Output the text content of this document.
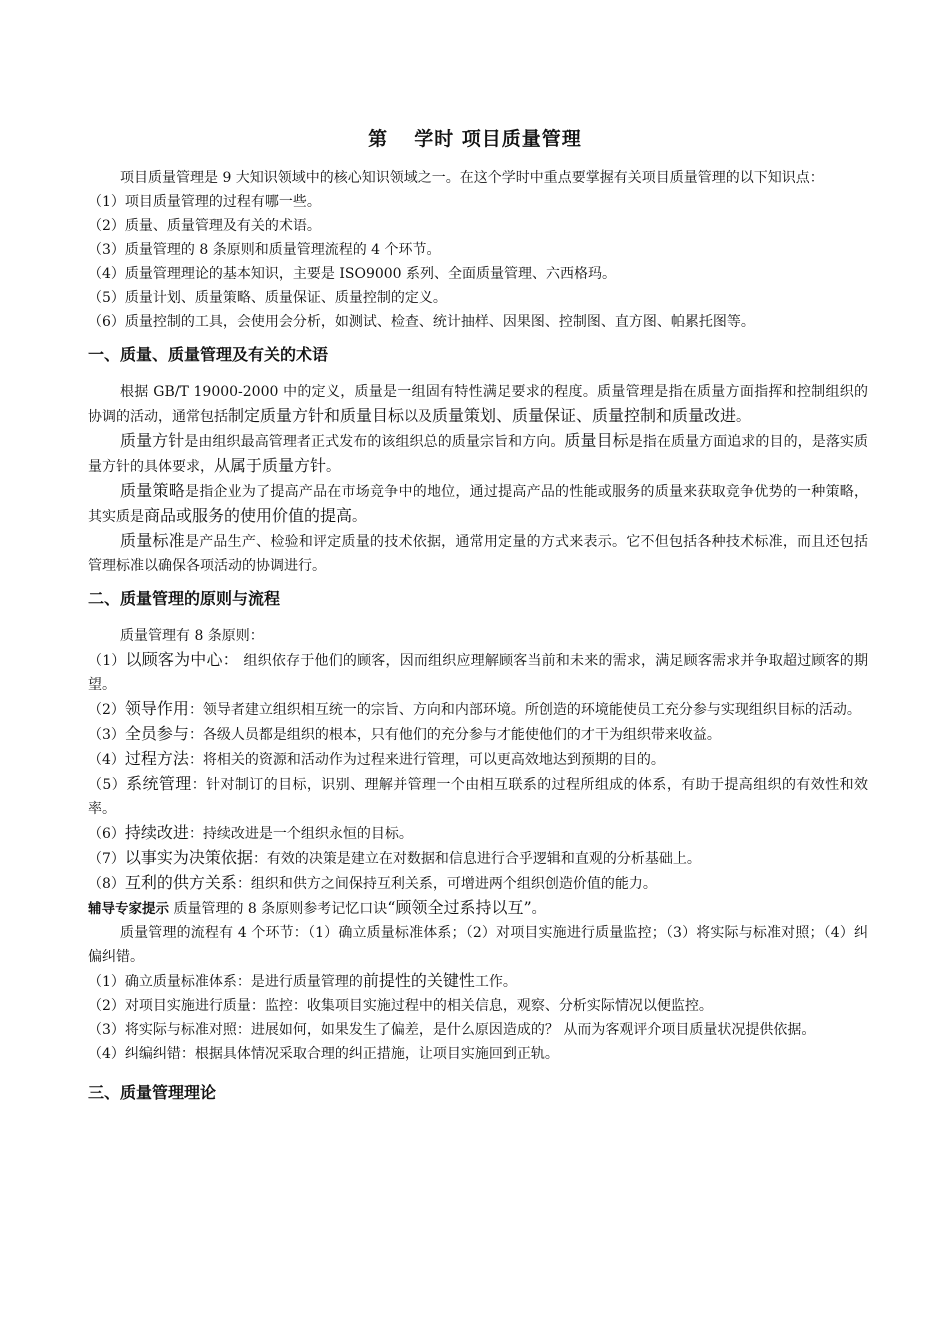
第 学时 项目质量管理

项目质量管理是 9 大知识领域中的核心知识领域之一。在这个学时中重点要掌握有关项目质量管理的以下知识点：

（1）项目质量管理的过程有哪一些。

（2）质量、质量管理及有关的术语。

（3）质量管理的 8 条原则和质量管理流程的 4 个环节。

（4）质量管理理论的基本知识，主要是 ISO9000 系列、全面质量管理、六西格玛。

（5）质量计划、质量策略、质量保证、质量控制的定义。

（6）质量控制的工具，会使用会分析，如测试、检查、统计抽样、因果图、控制图、直方图、帕累托图等。

一、质量、质量管理及有关的术语

根据 GB/T 19000-2000 中的定义，质量是一组固有特性满足要求的程度。质量管理是指在质量方面指挥和控制组织的协调的活动，通常包括制定质量方针和质量目标以及质量策划、质量保证、质量控制和质量改进。

质量方针是由组织最高管理者正式发布的该组织总的质量宗旨和方向。质量目标是指在质量方面追求的目的，是落实质量方针的具体要求，从属于质量方针。

质量策略是指企业为了提高产品在市场竞争中的地位，通过提高产品的性能或服务的质量来获取竞争优势的一种策略，其实质是商品或服务的使用价值的提高。

质量标准是产品生产、检验和评定质量的技术依据，通常用定量的方式来表示。它不但包括各种技术标准，而且还包括管理标准以确保各项活动的协调进行。

二、质量管理的原则与流程

质量管理有 8 条原则：

（1）以顾客为中心： 组织依存于他们的顾客，因而组织应理解顾客当前和未来的需求，满足顾客需求并争取超过顾客的期望。

（2）领导作用：领导者建立组织相互统一的宗旨、方向和内部环境。所创造的环境能使员工充分参与实现组织目标的活动。

（3）全员参与：各级人员都是组织的根本，只有他们的充分参与才能使他们的才干为组织带来收益。

（4）过程方法：将相关的资源和活动作为过程来进行管理，可以更高效地达到预期的目的。

（5）系统管理：针对制订的目标，识别、理解并管理一个由相互联系的过程所组成的体系，有助于提高组织的有效性和效率。

（6）持续改进：持续改进是一个组织永恒的目标。

（7）以事实为决策依据：有效的决策是建立在对数据和信息进行合乎逻辑和直观的分析基础上。

（8）互利的供方关系：组织和供方之间保持互利关系，可增进两个组织创造价值的能力。

辅导专家提示 质量管理的 8 条原则参考记忆口诀“顾领全过系持以互”。

质量管理的流程有 4 个环节：（1）确立质量标准体系；（2）对项目实施进行质量监控；（3）将实际与标准对照；（4）纠偏纠错。

（1）确立质量标准体系：是进行质量管理的前提性的关键性工作。

（2）对项目实施进行质量：监控：收集项目实施过程中的相关信息，观察、分析实际情况以便监控。

（3）将实际与标准对照：进展如何，如果发生了偏差，是什么原因造成的？ 从而为客观评介项目质量状况提供依据。

（4）纠编纠错：根据具体情况采取合理的纠正措施，让项目实施回到正轨。

三、质量管理理论
